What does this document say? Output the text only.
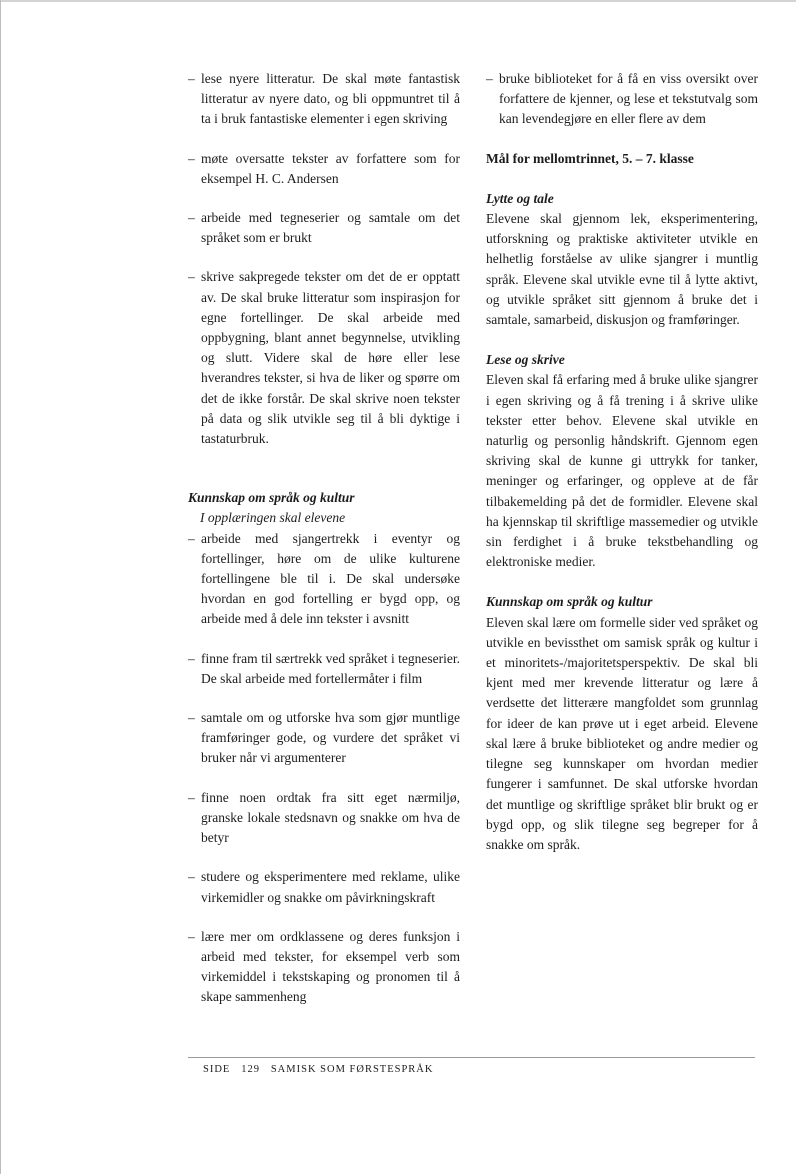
– lese nyere litteratur. De skal møte fantastisk litteratur av nyere dato, og bli oppmuntret til å ta i bruk fantastiske elementer i egen skriving
– møte oversatte tekster av forfattere som for eksempel H. C. Andersen
– arbeide med tegneserier og samtale om det språket som er brukt
– skrive sakpregede tekster om det de er opptatt av. De skal bruke litteratur som inspirasjon for egne fortellinger. De skal arbeide med oppbygning, blant annet begynnelse, utvikling og slutt. Videre skal de høre eller lese hverandres tekster, si hva de liker og spørre om det de ikke forstår. De skal skrive noen tekster på data og slik utvikle seg til å bli dyktige i tastaturbruk.

Kunnskap om språk og kultur

I opplæringen skal elevene

– arbeide med sjangertrekk i eventyr og fortellinger, høre om de ulike kulturene fortellingene ble til i. De skal undersøke hvordan en god fortelling er bygd opp, og arbeide med å dele inn tekster i avsnitt
– finne fram til særtrekk ved språket i tegneserier. De skal arbeide med fortellermåter i film
– samtale om og utforske hva som gjør muntlige framføringer gode, og vurdere det språket vi bruker når vi argumenterer
– finne noen ordtak fra sitt eget nærmiljø, granske lokale stedsnavn og snakke om hva de betyr
– studere og eksperimentere med reklame, ulike virkemidler og snakke om påvirkningskraft
– lære mer om ordklassene og deres funksjon i arbeid med tekster, for eksempel verb som virkemiddel i tekstskaping og pronomen til å skape sammenheng
– bruke biblioteket for å få en viss oversikt over forfattere de kjenner, og lese et tekstutvalg som kan levendegjøre en eller flere av dem

Mål for mellomtrinnet, 5. – 7. klasse

Lytte og tale

Elevene skal gjennom lek, eksperimentering, utforskning og praktiske aktiviteter utvikle en helhetlig forståelse av ulike sjangrer i muntlig språk. Elevene skal utvikle evne til å lytte aktivt, og utvikle språket sitt gjennom å bruke det i samtale, samarbeid, diskusjon og framføringer.

Lese og skrive

Eleven skal få erfaring med å bruke ulike sjangrer i egen skriving og å få trening i å skrive ulike tekster etter behov. Elevene skal utvikle en naturlig og personlig håndskrift. Gjennom egen skriving skal de kunne gi uttrykk for tanker, meninger og erfaringer, og oppleve at de får tilbakemelding på det de formidler. Elevene skal ha kjennskap til skriftlige massemedier og utvikle sin ferdighet i å bruke tekstbehandling og elektroniske medier.

Kunnskap om språk og kultur

Eleven skal lære om formelle sider ved språket og utvikle en bevissthet om samisk språk og kultur i et minoritets-/majoritetsperspektiv. De skal bli kjent med mer krevende litteratur og lære å verdsette det litterære mangfoldet som grunnlag for ideer de kan prøve ut i eget arbeid. Elevene skal lære å bruke biblioteket og andre medier og tilegne seg kunnskaper om hvordan medier fungerer i samfunnet. De skal utforske hvordan det muntlige og skriftlige språket blir brukt og er bygd opp, og slik tilegne seg begreper for å snakke om språk.

SIDE 129 SAMISK SOM FØRSTESPRÅK
